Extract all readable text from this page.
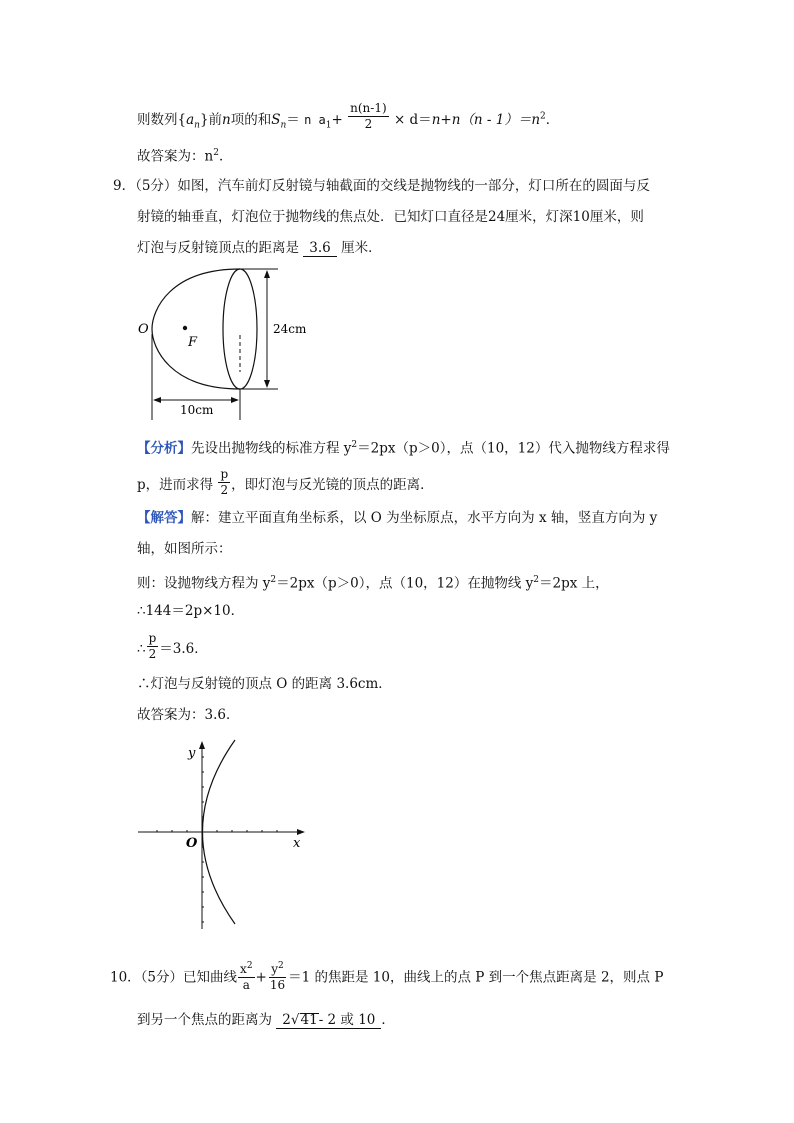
则数列$\{a_n\}$前n项的和$S_n= n$ $a_1+ \frac{n(n-1)}{2} \times d=n+n(n - 1)=n^2$．
故答案为：$n^2$．
9．（5分）如图，汽车前灯反射镜与轴截面的交线是抛物线的一部分，灯口所在的圆面与反
射镜的轴垂直，灯泡位于抛物线的焦点处．已知灯口直径是24厘米，灯深10厘米，则
灯泡与反射镜顶点的距离是 3.6 厘米．
O
F
24cm
10cm
【分析】先设出抛物线的标准方程 $y^2=2px(p>0)$，点（10，12）代入抛物线方程求得
p，进而求得 $\frac{p}{2}$ ，即灯泡与反光镜的顶点的距离．
【解答】解：建立平面直角坐标系，以 O 为坐标原点，水平方向为 x 轴，竖直方向为 y
轴，如图所示：
则：设抛物线方程为 $y^2=2px(p>0)$，点（10，12）在抛物线 $y^2=2px$ 上，
∴144＝2p×10．
∴ $\frac{p}{2} =3.6$．
∴灯泡与反射镜的顶点 O 的距离 3.6cm．
故答案为：3.6．
y
x
O
10．（5分）已知曲线 $\frac{x^2}{a} + \frac{y^2}{16} =1$ 的焦距是 10，曲线上的点 P 到一个焦点距离是 2，则点 P
到另一个焦点的距离为 2√41- 2 或 10 ．
